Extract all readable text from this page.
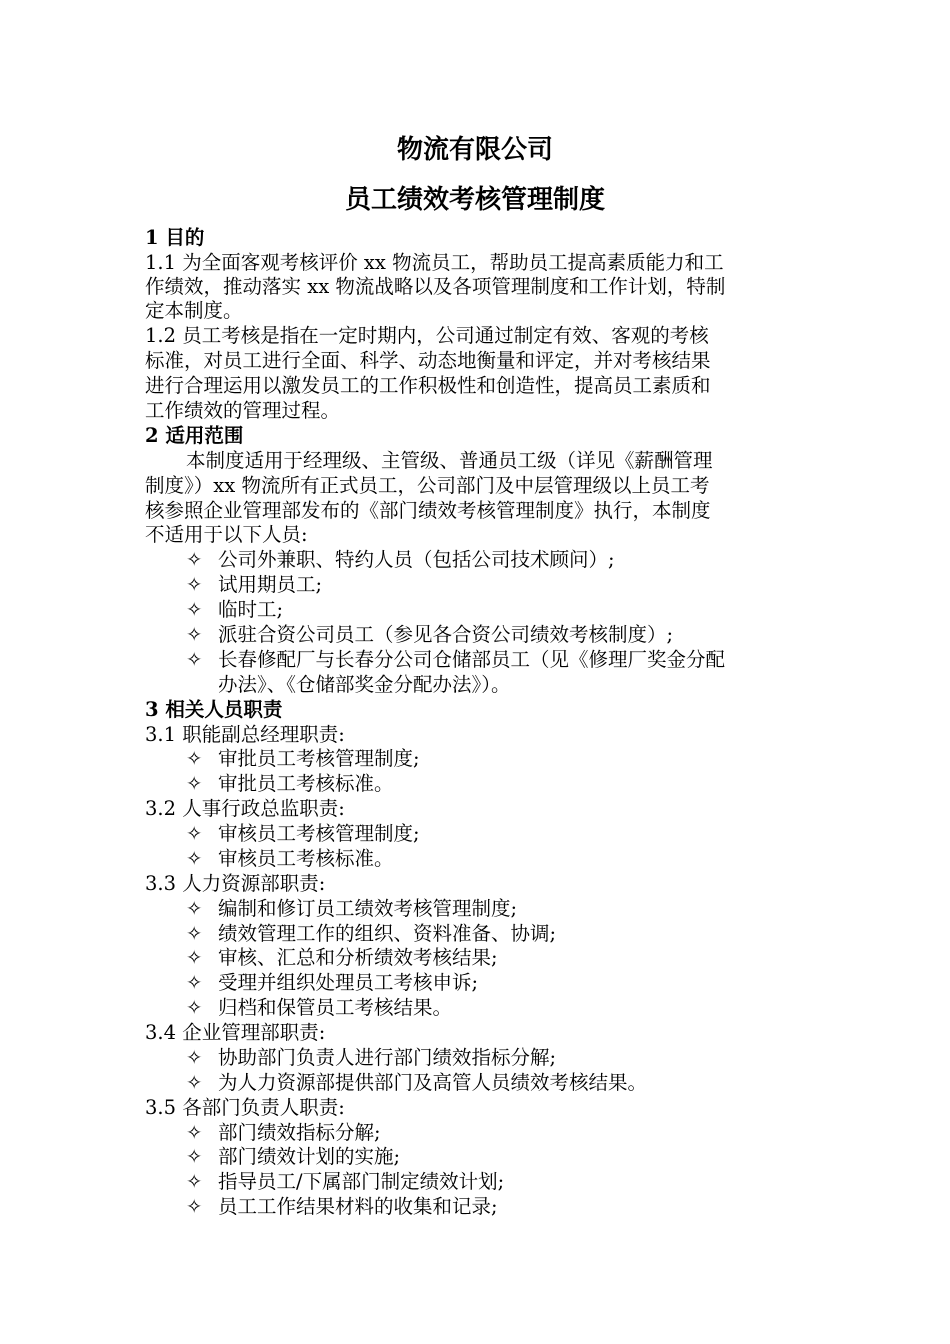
物流有限公司
员工绩效考核管理制度
1 目的
1.1 为全面客观考核评价 xx 物流员工，帮助员工提高素质能力和工
作绩效，推动落实 xx 物流战略以及各项管理制度和工作计划，特制
定本制度。
1.2 员工考核是指在一定时期内，公司通过制定有效、客观的考核
标准，对员工进行全面、科学、动态地衡量和评定，并对考核结果
进行合理运用以激发员工的工作积极性和创造性，提高员工素质和
工作绩效的管理过程。
2 适用范围
本制度适用于经理级、主管级、普通员工级（详见《薪酬管理
制度》）xx 物流所有正式员工，公司部门及中层管理级以上员工考
核参照企业管理部发布的《部门绩效考核管理制度》执行，本制度
不适用于以下人员:
✧ 公司外兼职、特约人员（包括公司技术顾问）;
✧ 试用期员工;
✧ 临时工;
✧ 派驻合资公司员工（参见各合资公司绩效考核制度）;
✧ 长春修配厂与长春分公司仓储部员工（见《修理厂奖金分配
办法》、《仓储部奖金分配办法》）。
3 相关人员职责
3.1 职能副总经理职责:
✧ 审批员工考核管理制度;
✧ 审批员工考核标准。
3.2 人事行政总监职责:
✧ 审核员工考核管理制度;
✧ 审核员工考核标准。
3.3 人力资源部职责:
✧ 编制和修订员工绩效考核管理制度;
✧ 绩效管理工作的组织、资料准备、协调;
✧ 审核、汇总和分析绩效考核结果;
✧ 受理并组织处理员工考核申诉;
✧ 归档和保管员工考核结果。
3.4 企业管理部职责:
✧ 协助部门负责人进行部门绩效指标分解;
✧ 为人力资源部提供部门及高管人员绩效考核结果。
3.5 各部门负责人职责:
✧ 部门绩效指标分解;
✧ 部门绩效计划的实施;
✧ 指导员工/下属部门制定绩效计划;
✧ 员工工作结果材料的收集和记录;
